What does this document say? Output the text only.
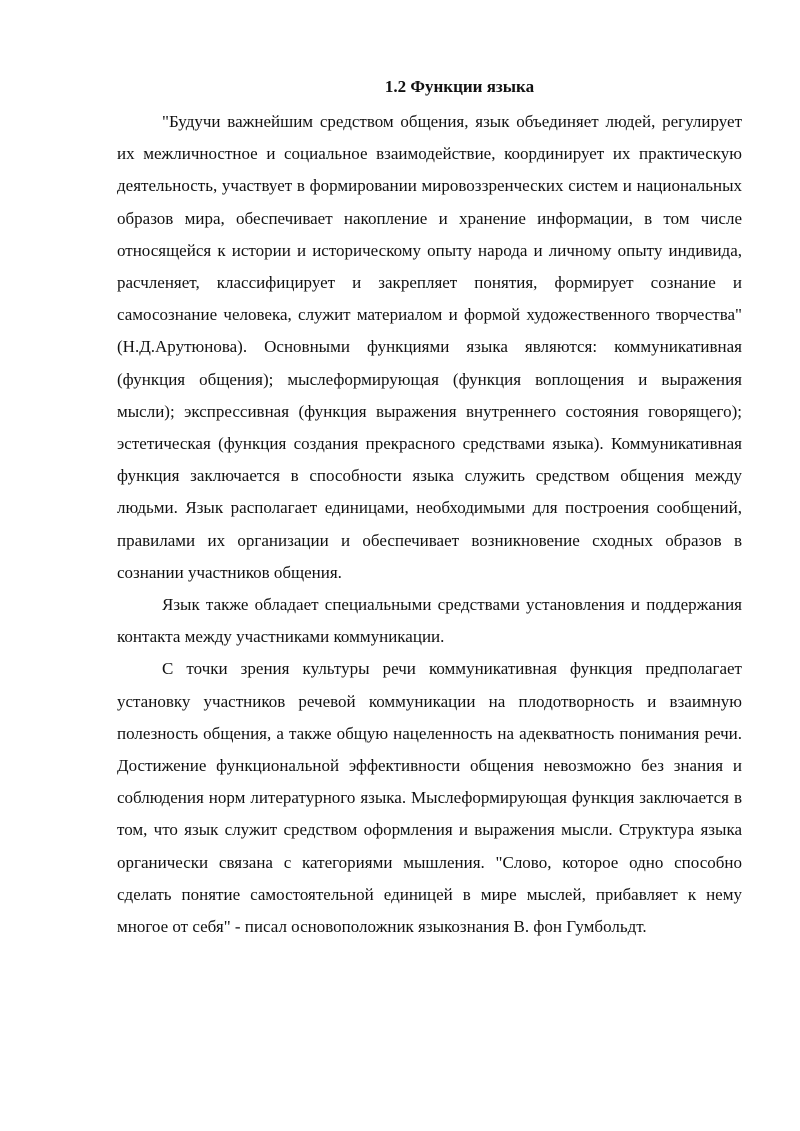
1.2 Функции языка

"Будучи важнейшим средством общения, язык объединяет людей, регулирует их межличностное и социальное взаимодействие, координирует их практическую деятельность, участвует в формировании мировоззренческих систем и национальных образов мира, обеспечивает накопление и хранение информации, в том числе относящейся к истории и историческому опыту народа и личному опыту индивида, расчленяет, классифицирует и закрепляет понятия, формирует сознание и самосознание человека, служит материалом и формой художественного творчества" (Н.Д.Арутюнова). Основными функциями языка являются: коммуникативная (функция общения); мыслеформирующая (функция воплощения и выражения мысли); экспрессивная (функция выражения внутреннего состояния говорящего); эстетическая (функция создания прекрасного средствами языка). Коммуникативная функция заключается в способности языка служить средством общения между людьми. Язык располагает единицами, необходимыми для построения сообщений, правилами их организации и обеспечивает возникновение сходных образов в сознании участников общения.

Язык также обладает специальными средствами установления и поддержания контакта между участниками коммуникации.

С точки зрения культуры речи коммуникативная функция предполагает установку участников речевой коммуникации на плодотворность и взаимную полезность общения, а также общую нацеленность на адекватность понимания речи. Достижение функциональной эффективности общения невозможно без знания и соблюдения норм литературного языка. Мыслеформирующая функция заключается в том, что язык служит средством оформления и выражения мысли. Структура языка органически связана с категориями мышления. "Слово, которое одно способно сделать понятие самостоятельной единицей в мире мыслей, прибавляет к нему многое от себя" - писал основоположник языкознания В. фон Гумбольдт.
